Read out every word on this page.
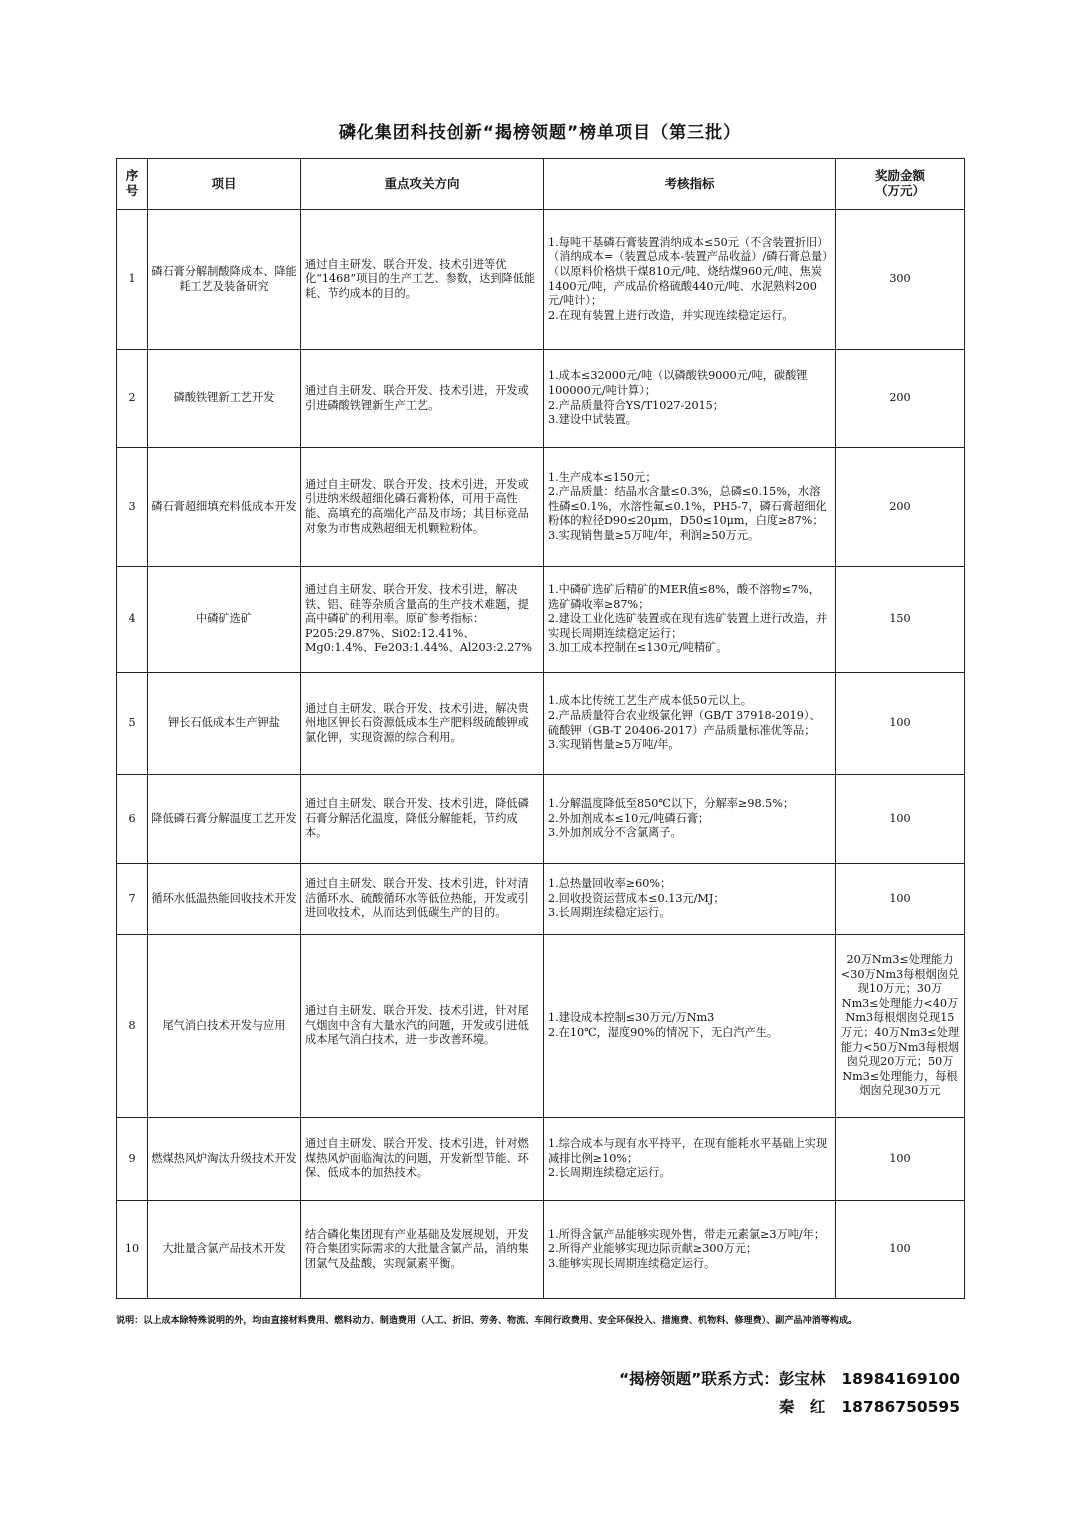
磷化集团科技创新“揭榜领题”榜单项目（第三批）
序
号	项目	重点攻关方向	考核指标	奖励金额
（万元）
1	磷石膏分解制酸降成本、降能耗工艺及装备研究	通过自主研发、联合开发、技术引进等优化“1468”项目的生产工艺、参数，达到降低能耗、节约成本的目的。	1.每吨干基磷石膏装置消纳成本≤50元（不含装置折旧）（消纳成本=（装置总成本-装置产品收益）/磷石膏总量）（以原料价格烘干煤810元/吨、烧结煤960元/吨、焦炭1400元/吨，产成品价格硫酸440元/吨、水泥熟料200元/吨计）；
2.在现有装置上进行改造，并实现连续稳定运行。	300
2	磷酸铁锂新工艺开发	通过自主研发、联合开发、技术引进，开发或引进磷酸铁锂新生产工艺。	1.成本≤32000元/吨（以磷酸铁9000元/吨，碳酸锂100000元/吨计算）；
2.产品质量符合YS/T1027-2015；
3.建设中试装置。	200
3	磷石膏超细填充料低成本开发	通过自主研发、联合开发、技术引进，开发或引进纳米级超细化磷石膏粉体，可用于高性能、高填充的高端化产品及市场；其目标竞品对象为市售成熟超细无机颗粒粉体。	1.生产成本≤150元；
2.产品质量：结晶水含量≤0.3%，总磷≤0.15%，水溶性磷≤0.1%，水溶性氟≤0.1%，PH5-7，磷石膏超细化粉体的粒径D90≤20μm，D50≤10μm，白度≥87%；
3.实现销售量≥5万吨/年，利润≥50万元。	200
4	中磷矿选矿	通过自主研发、联合开发、技术引进，解决铁、铝、硅等杂质含量高的生产技术难题，提高中磷矿的利用率。原矿参考指标：P205:29.87%、Si02:12.41%、Mg0:1.4%、Fe203:1.44%、Al203:2.27%	1.中磷矿选矿后精矿的MER值≤8%，酸不溶物≤7%，选矿磷收率≥87%；
2.建设工业化选矿装置或在现有选矿装置上进行改造，并实现长周期连续稳定运行；
3.加工成本控制在≤130元/吨精矿。	150
5	钾长石低成本生产钾盐	通过自主研发、联合开发、技术引进，解决贵州地区钾长石资源低成本生产肥料级硫酸钾或氯化钾，实现资源的综合利用。	1.成本比传统工艺生产成本低50元以上。
2.产品质量符合农业级氯化钾（GB/T 37918-2019）、硫酸钾（GB-T 20406-2017）产品质量标准优等品；
3.实现销售量≥5万吨/年。	100
6	降低磷石膏分解温度工艺开发	通过自主研发、联合开发、技术引进，降低磷石膏分解活化温度，降低分解能耗，节约成本。	1.分解温度降低至850℃以下，分解率≥98.5%；
2.外加剂成本≤10元/吨磷石膏；
3.外加剂成分不含氯离子。	100
7	循环水低温热能回收技术开发	通过自主研发、联合开发、技术引进，针对清洁循环水、硫酸循环水等低位热能，开发或引进回收技术，从而达到低碳生产的目的。	1.总热量回收率≥60%；
2.回收投资运营成本≤0.13元/MJ；
3.长周期连续稳定运行。	100
8	尾气消白技术开发与应用	通过自主研发、联合开发、技术引进，针对尾气烟囱中含有大量水汽的问题，开发或引进低成本尾气消白技术，进一步改善环境。	1.建设成本控制≤30万元/万Nm3
2.在10℃，湿度90%的情况下，无白汽产生。	20万Nm3≤处理能力<30万Nm3每根烟囱兑现10万元；30万Nm3≤处理能力<40万Nm3每根烟囱兑现15万元；40万Nm3≤处理能力<50万Nm3每根烟囱兑现20万元；50万Nm3≤处理能力，每根烟囱兑现30万元
9	燃煤热风炉淘汰升级技术开发	通过自主研发、联合开发、技术引进，针对燃煤热风炉面临淘汰的问题，开发新型节能、环保、低成本的加热技术。	1.综合成本与现有水平持平，在现有能耗水平基础上实现减排比例≥10%；
2.长周期连续稳定运行。	100
10	大批量含氯产品技术开发	结合磷化集团现有产业基础及发展规划，开发符合集团实际需求的大批量含氯产品，消纳集团氯气及盐酸，实现氯素平衡。	1.所得含氯产品能够实现外售，带走元素氯≥3万吨/年；
2.所得产业能够实现边际贡献≥300万元；
3.能够实现长周期连续稳定运行。	100
说明：以上成本除特殊说明的外，均由直接材料费用、燃料动力、制造费用（人工、折旧、劳务、物流、车间行政费用、安全环保投入、措施费、机物料、修理费）、副产品冲消等构成。
“揭榜领题”联系方式：彭宝林 18984169100
秦　红 18786750595
